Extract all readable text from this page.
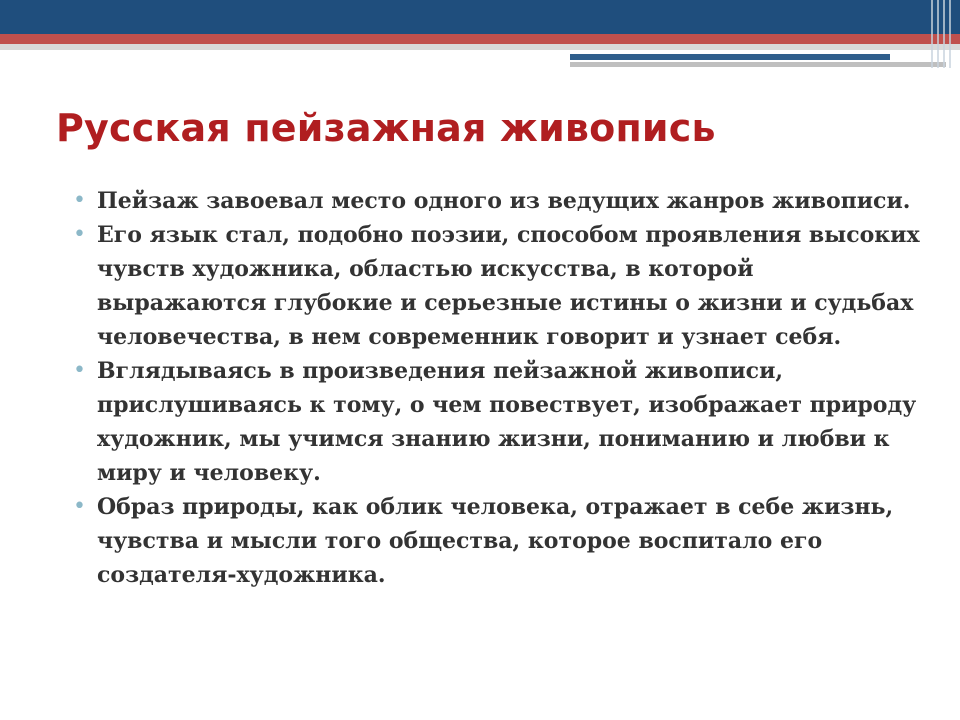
Русская пейзажная живопись
• Пейзаж завоевал место одного из ведущих жанров живописи.
• Его язык стал, подобно поэзии, способом проявления высоких чувств художника, областью искусства, в которой выражаются глубокие и серьезные истины о жизни и судьбах человечества, в нем современник говорит и узнает себя.
• Вглядываясь в произведения пейзажной живописи, прислушиваясь к тому, о чем повествует, изображает природу художник, мы учимся знанию жизни, пониманию и любви к миру и человеку.
• Образ природы, как облик человека, отражает в себе жизнь, чувства и мысли того общества, которое воспитало его создателя-художника.
